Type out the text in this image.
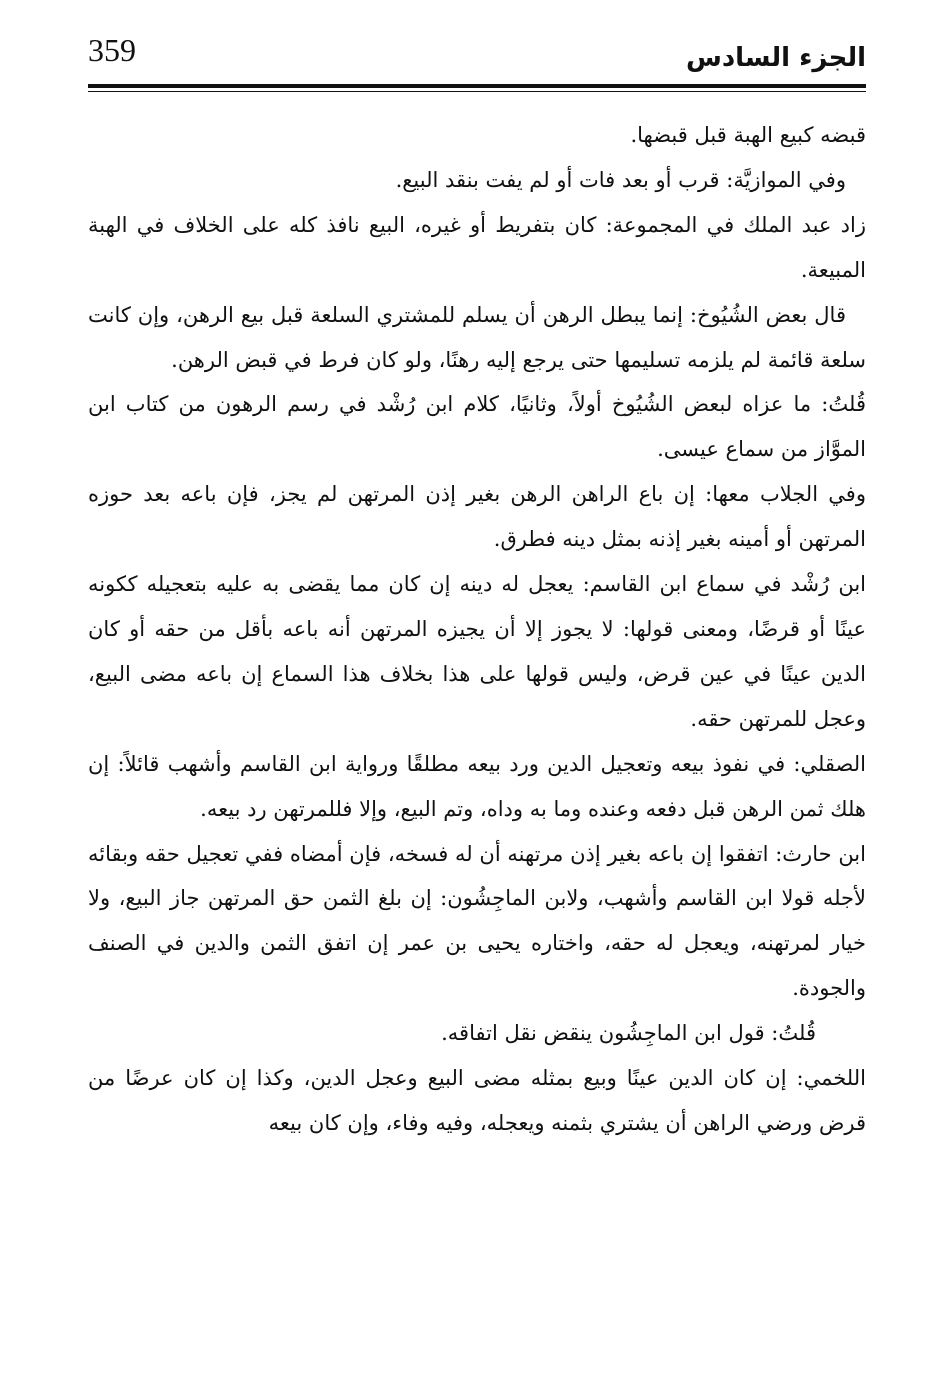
359	الجزء السادس

قبضه كبيع الهبة قبل قبضها.

وفي الموازيَّة: قرب أو بعد فات أو لم يفت بنقد البيع.

زاد عبد الملك في المجموعة: كان بتفريط أو غيره، البيع نافذ كله على الخلاف في الهبة المبيعة.

قال بعض الشُيُوخ: إنما يبطل الرهن أن يسلم للمشتري السلعة قبل بيع الرهن، وإن كانت سلعة قائمة لم يلزمه تسليمها حتى يرجع إليه رهنًا، ولو كان فرط في قبض الرهن.

قُلتُ: ما عزاه لبعض الشُيُوخ أولاً، وثانيًا، كلام ابن رُشْد في رسم الرهون من كتاب ابن الموَّاز من سماع عيسى.

وفي الجلاب معها: إن باع الراهن الرهن بغير إذن المرتهن لم يجز، فإن باعه بعد حوزه المرتهن أو أمينه بغير إذنه بمثل دينه فطرق.

ابن رُشْد في سماع ابن القاسم: يعجل له دينه إن كان مما يقضى به عليه بتعجيله ككونه عينًا أو قرضًا، ومعنى قولها: لا يجوز إلا أن يجيزه المرتهن أنه باعه بأقل من حقه أو كان الدين عينًا في عين قرض، وليس قولها على هذا بخلاف هذا السماع إن باعه مضى البيع، وعجل للمرتهن حقه.

الصقلي: في نفوذ بيعه وتعجيل الدين ورد بيعه مطلقًا ورواية ابن القاسم وأشهب قائلاً: إن هلك ثمن الرهن قبل دفعه وعنده وما به وداه، وتم البيع، وإلا فللمرتهن رد بيعه.

ابن حارث: اتفقوا إن باعه بغير إذن مرتهنه أن له فسخه، فإن أمضاه ففي تعجيل حقه وبقائه لأجله قولا ابن القاسم وأشهب، ولابن الماجِشُون: إن بلغ الثمن حق المرتهن جاز البيع، ولا خيار لمرتهنه، ويعجل له حقه، واختاره يحيى بن عمر إن اتفق الثمن والدين في الصنف والجودة.

قُلتُ: قول ابن الماجِشُون ينقض نقل اتفاقه.

اللخمي: إن كان الدين عينًا وبيع بمثله مضى البيع وعجل الدين، وكذا إن كان عرضًا من قرض ورضي الراهن أن يشتري بثمنه ويعجله، وفيه وفاء، وإن كان بيعه
